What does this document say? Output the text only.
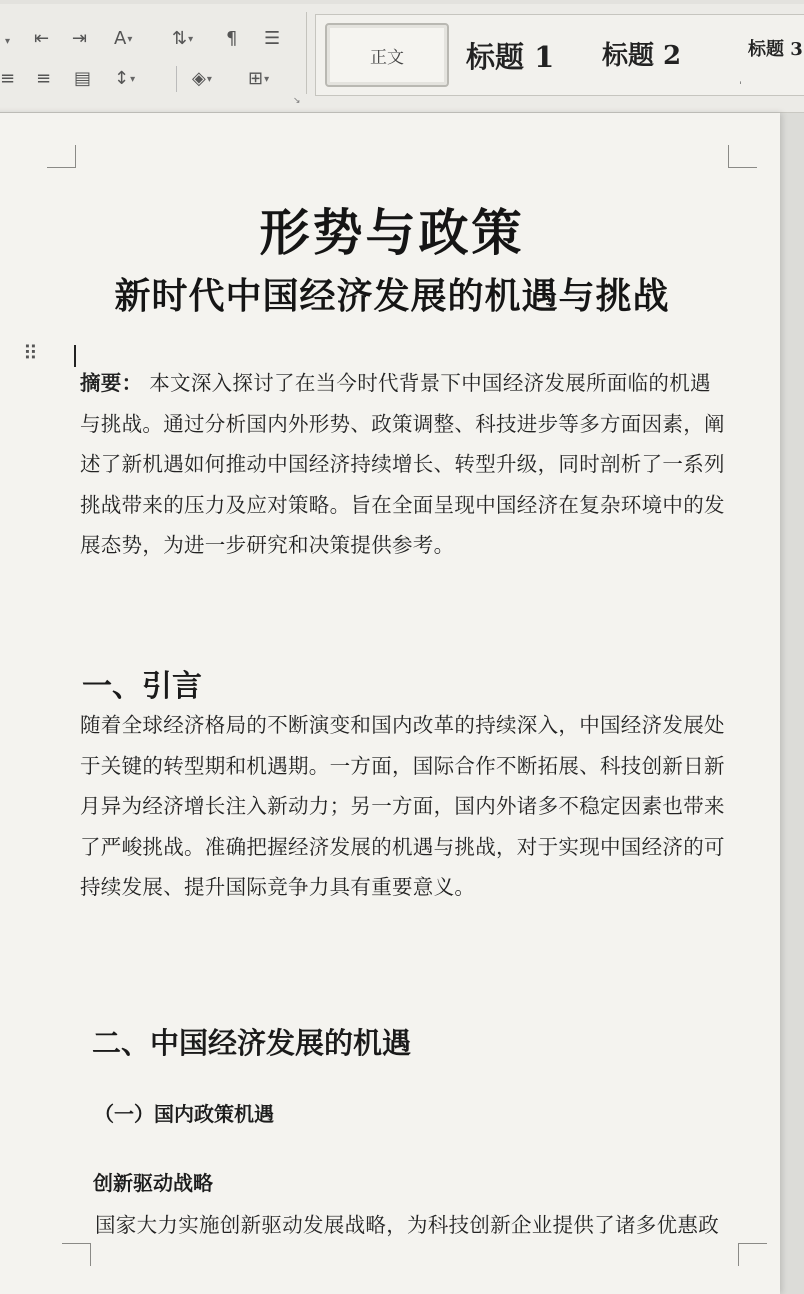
▾ ⇤ ⇥ A▾ ⇅▾ ¶ ☰
≡ ≡ ▤ ↕▾	◈▾ ⊞▾
↘
正文	标题 1 标题 2	标题 3
ˈ
形势与政策
新时代中国经济发展的机遇与挑战
⠿
摘要： 本文深入探讨了在当今时代背景下中国经济发展所面临的机遇与挑战。通过分析国内外形势、政策调整、科技进步等多方面因素，阐述了新机遇如何推动中国经济持续增长、转型升级，同时剖析了一系列挑战带来的压力及应对策略。旨在全面呈现中国经济在复杂环境中的发展态势，为进一步研究和决策提供参考。
一、引言
随着全球经济格局的不断演变和国内改革的持续深入，中国经济发展处于关键的转型期和机遇期。一方面，国际合作不断拓展、科技创新日新月异为经济增长注入新动力；另一方面，国内外诸多不稳定因素也带来了严峻挑战。准确把握经济发展的机遇与挑战，对于实现中国经济的可持续发展、提升国际竞争力具有重要意义。
二、中国经济发展的机遇
（一）国内政策机遇
创新驱动战略
国家大力实施创新驱动发展战略，为科技创新企业提供了诸多优惠政
